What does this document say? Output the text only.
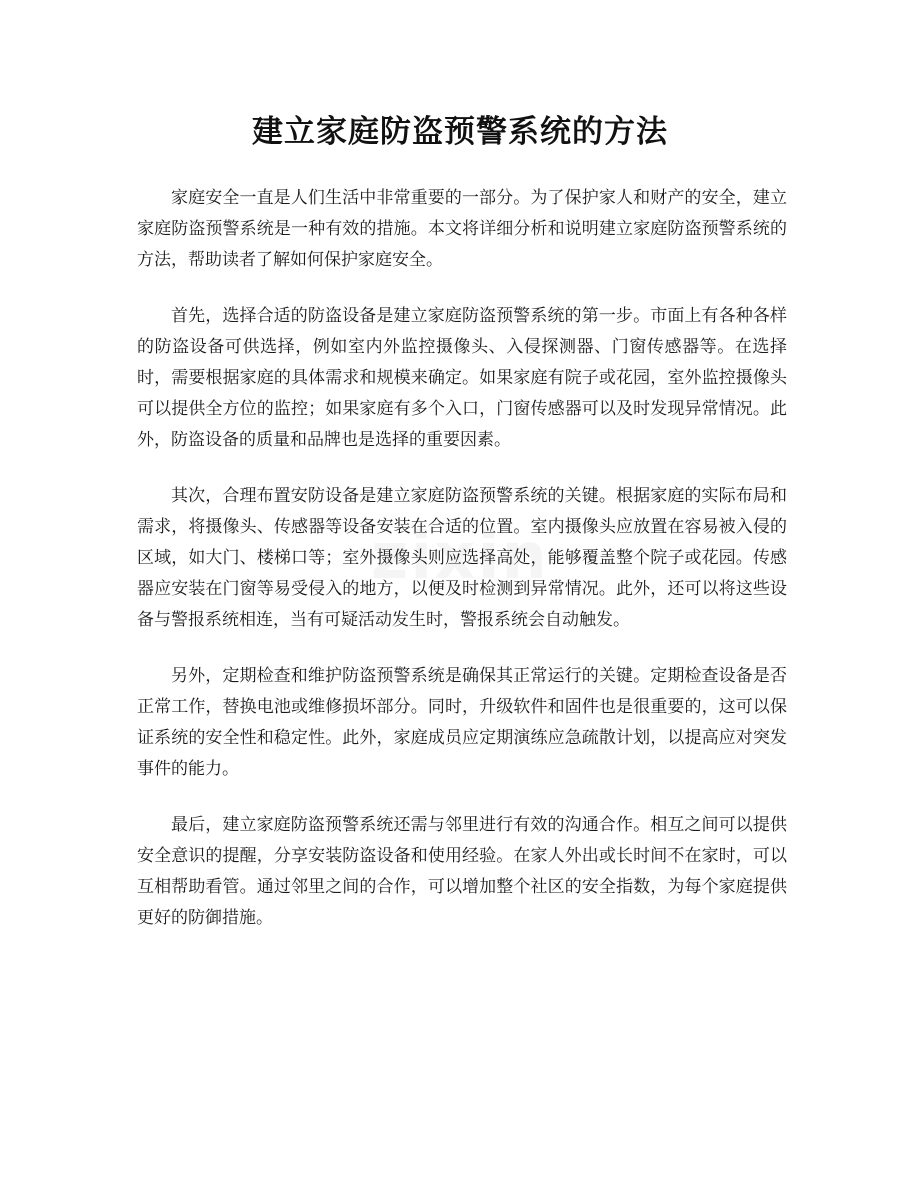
建立家庭防盗预警系统的方法

家庭安全一直是人们生活中非常重要的一部分。为了保护家人和财产的安全，建立家庭防盗预警系统是一种有效的措施。本文将详细分析和说明建立家庭防盗预警系统的方法，帮助读者了解如何保护家庭安全。

首先，选择合适的防盗设备是建立家庭防盗预警系统的第一步。市面上有各种各样的防盗设备可供选择，例如室内外监控摄像头、入侵探测器、门窗传感器等。在选择时，需要根据家庭的具体需求和规模来确定。如果家庭有院子或花园，室外监控摄像头可以提供全方位的监控；如果家庭有多个入口，门窗传感器可以及时发现异常情况。此外，防盗设备的质量和品牌也是选择的重要因素。

其次，合理布置安防设备是建立家庭防盗预警系统的关键。根据家庭的实际布局和需求，将摄像头、传感器等设备安装在合适的位置。室内摄像头应放置在容易被入侵的区域，如大门、楼梯口等；室外摄像头则应选择高处，能够覆盖整个院子或花园。传感器应安装在门窗等易受侵入的地方，以便及时检测到异常情况。此外，还可以将这些设备与警报系统相连，当有可疑活动发生时，警报系统会自动触发。

另外，定期检查和维护防盗预警系统是确保其正常运行的关键。定期检查设备是否正常工作，替换电池或维修损坏部分。同时，升级软件和固件也是很重要的，这可以保证系统的安全性和稳定性。此外，家庭成员应定期演练应急疏散计划，以提高应对突发事件的能力。

最后，建立家庭防盗预警系统还需与邻里进行有效的沟通合作。相互之间可以提供安全意识的提醒，分享安装防盗设备和使用经验。在家人外出或长时间不在家时，可以互相帮助看管。通过邻里之间的合作，可以增加整个社区的安全指数，为每个家庭提供更好的防御措施。
